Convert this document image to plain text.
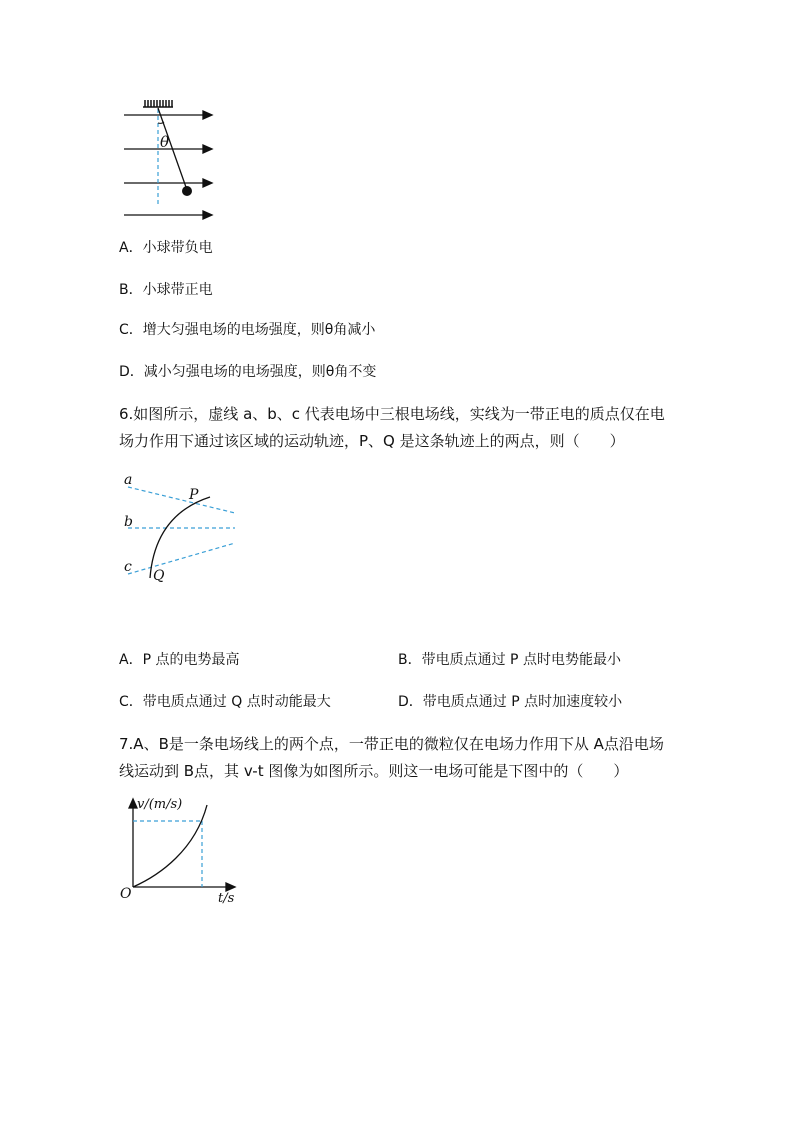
θ
A．小球带负电
B．小球带正电
C．增大匀强电场的电场强度，则θ角减小
D．减小匀强电场的电场强度，则θ角不变
6.如图所示，虚线 a、b、c 代表电场中三根电场线，实线为一带正电的质点仅在电
场力作用下通过该区域的运动轨迹，P、Q 是这条轨迹上的两点，则（　　）
a
b
c
P
Q
A．P 点的电势最高	B．带电质点通过 P 点时电势能最小
C．带电质点通过 Q 点时动能最大	D．带电质点通过 P 点时加速度较小
7.A、B是一条电场线上的两个点，一带正电的微粒仅在电场力作用下从 A点沿电场
线运动到 B点，其 v-t 图像为如图所示。则这一电场可能是下图中的（　　）
v/(m/s)
t/s
O
